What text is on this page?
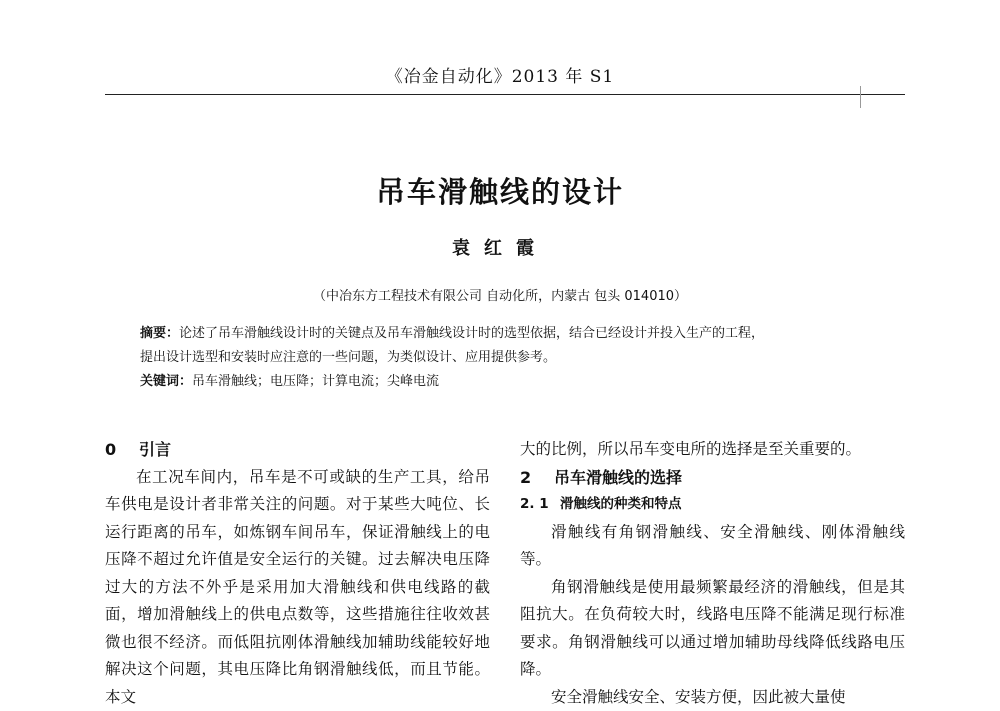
《冶金自动化》2013 年 S1
吊车滑触线的设计
袁红霞
（中冶东方工程技术有限公司 自动化所，内蒙古 包头 014010）

摘要：论述了吊车滑触线设计时的关键点及吊车滑触线设计时的选型依据，结合已经设计并投入生产的工程，

提出设计选型和安装时应注意的一些问题，为类似设计、应用提供参考。

关键词：吊车滑触线；电压降；计算电流；尖峰电流

0 引言

在工况车间内，吊车是不可或缺的生产工具，给吊车供电是设计者非常关注的问题。对于某些大吨位、长运行距离的吊车，如炼钢车间吊车，保证滑触线上的电压降不超过允许值是安全运行的关键。过去解决电压降过大的方法不外乎是采用加大滑触线和供电线路的截面，增加滑触线上的供电点数等，这些措施往往收效甚微也很不经济。而低阻抗刚体滑触线加辅助线能较好地解决这个问题，其电压降比角钢滑触线低，而且节能。本文

大的比例，所以吊车变电所的选择是至关重要的。

2 吊车滑触线的选择

2. 1 滑触线的种类和特点

滑触线有角钢滑触线、安全滑触线、刚体滑触线等。

角钢滑触线是使用最频繁最经济的滑触线，但是其阻抗大。在负荷较大时，线路电压降不能满足现行标准要求。角钢滑触线可以通过增加辅助母线降低线路电压降。

安全滑触线安全、安装方便，因此被大量使
